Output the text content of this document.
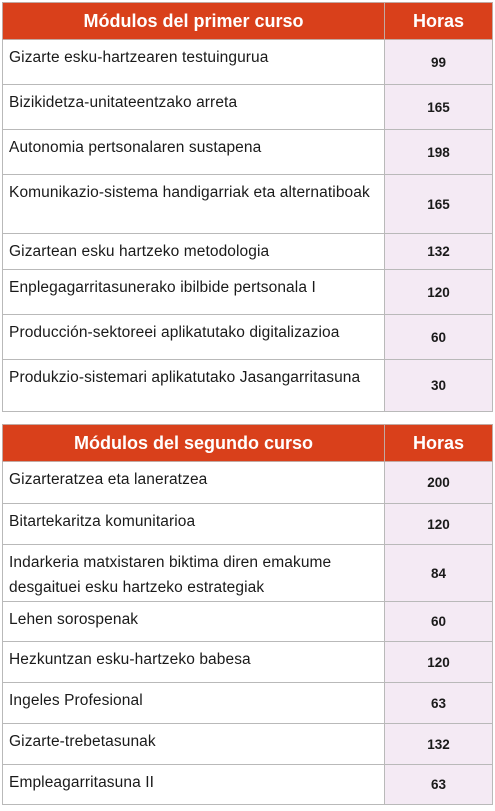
Módulos del primer curso	Horas
Gizarte esku-hartzearen testuingurua	99
Bizikidetza-unitateentzako arreta	165
Autonomia pertsonalaren sustapena	198
Komunikazio-sistema handigarriak eta alternatiboak	165
Gizartean esku hartzeko metodologia	132
Enplegagarritasunerako ibilbide pertsonala I	120
Producción-sektoreei aplikatutako digitalizazioa	60
Produkzio-sistemari aplikatutako Jasangarritasuna	30
Módulos del segundo curso	Horas
Gizarteratzea eta laneratzea	200
Bitartekaritza komunitarioa	120
Indarkeria matxistaren biktima diren emakume desgaituei esku hartzeko estrategiak	84
Lehen sorospenak	60
Hezkuntzan esku-hartzeko babesa	120
Ingeles Profesional	63
Gizarte-trebetasunak	132
Empleagarritasuna II	63
